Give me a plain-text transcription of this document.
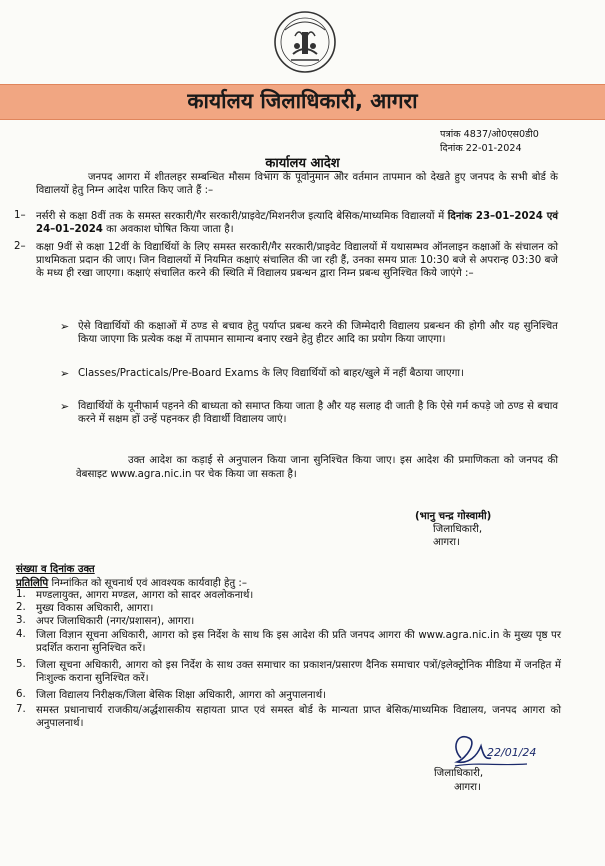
कार्यालय जिलाधिकारी, आगरा
पत्रांक 4837/ओ0एस0डी0
दिनांक 22-01-2024
कार्यालय आदेश

जनपद आगरा में शीतलहर सम्बन्धित मौसम विभाग के पूर्वानुमान और वर्तमान तापमान को देखते हुए जनपद के सभी बोर्ड के विद्यालयों हेतु निम्न आदेश पारित किए जाते हैं :–

1– नर्सरी से कक्षा 8वीं तक के समस्त सरकारी/गैर सरकारी/प्राइवेट/मिशनरीज इत्यादि बेसिक/माध्यमिक विद्यालयों में दिनांक 23–01–2024 एवं 24–01–2024 का अवकाश घोषित किया जाता है।

2– कक्षा 9वीं से कक्षा 12वीं के विद्यार्थियों के लिए समस्त सरकारी/गैर सरकारी/प्राइवेट विद्यालयों में यथासम्भव ऑनलाइन कक्षाओं के संचालन को प्राथमिकता प्रदान की जाए। जिन विद्यालयों में नियमित कक्षाएं संचालित की जा रही हैं, उनका समय प्रातः 10:30 बजे से अपरान्ह 03:30 बजे के मध्य ही रखा जाएगा। कक्षाएं संचालित करने की स्थिति में विद्यालय प्रबन्धन द्वारा निम्न प्रबन्ध सुनिश्चित किये जाएंगे :–

➢ ऐसे विद्यार्थियों की कक्षाओं में ठण्ड से बचाव हेतु पर्याप्त प्रबन्ध करने की जिम्मेदारी विद्यालय प्रबन्धन की होगी और यह सुनिश्चित किया जाएगा कि प्रत्येक कक्ष में तापमान सामान्य बनाए रखने हेतु हीटर आदि का प्रयोग किया जाएगा।

➢ Classes/Practicals/Pre-Board Exams के लिए विद्यार्थियों को बाहर/खुले में नहीं बैठाया जाएगा।

➢ विद्यार्थियों के यूनीफार्म पहनने की बाध्यता को समाप्त किया जाता है और यह सलाह दी जाती है कि ऐसे गर्म कपड़े जो ठण्ड से बचाव करने में सक्षम हों उन्हें पहनकर ही विद्यार्थी विद्यालय जाएं।

उक्त आदेश का कड़ाई से अनुपालन किया जाना सुनिश्चित किया जाए। इस आदेश की प्रमाणिकता को जनपद की वेबसाइट www.agra.nic.in पर चेक किया जा सकता है।

(भानु चन्द्र गोस्वामी)
जिलाधिकारी,
आगरा।
संख्या व दिनांक उक्त
प्रतिलिपि निम्नांकित को सूचनार्थ एवं आवश्यक कार्यवाही हेतु :–
1. मण्डलायुक्त, आगरा मण्डल, आगरा को सादर अवलोकनार्थ।

2. मुख्य विकास अधिकारी, आगरा।

3. अपर जिलाधिकारी (नगर/प्रशासन), आगरा।

4. जिला विज्ञान सूचना अधिकारी, आगरा को इस निर्देश के साथ कि इस आदेश की प्रति जनपद आगरा की www.agra.nic.in के मुख्य पृष्ठ पर प्रदर्शित कराना सुनिश्चित करें।

5. जिला सूचना अधिकारी, आगरा को इस निर्देश के साथ उक्त समाचार का प्रकाशन/प्रसारण दैनिक समाचार पत्रों/इलेक्ट्रोनिक मीडिया में जनहित में निःशुल्क कराना सुनिश्चित करें।

6. जिला विद्यालय निरीक्षक/जिला बेसिक शिक्षा अधिकारी, आगरा को अनुपालनार्थ।

7. समस्त प्रधानाचार्य राजकीय/अर्द्धशासकीय सहायता प्राप्त एवं समस्त बोर्ड के मान्यता प्राप्त बेसिक/माध्यमिक विद्यालय, जनपद आगरा को अनुपालनार्थ।

22/01/24
जिलाधिकारी,
आगरा।
